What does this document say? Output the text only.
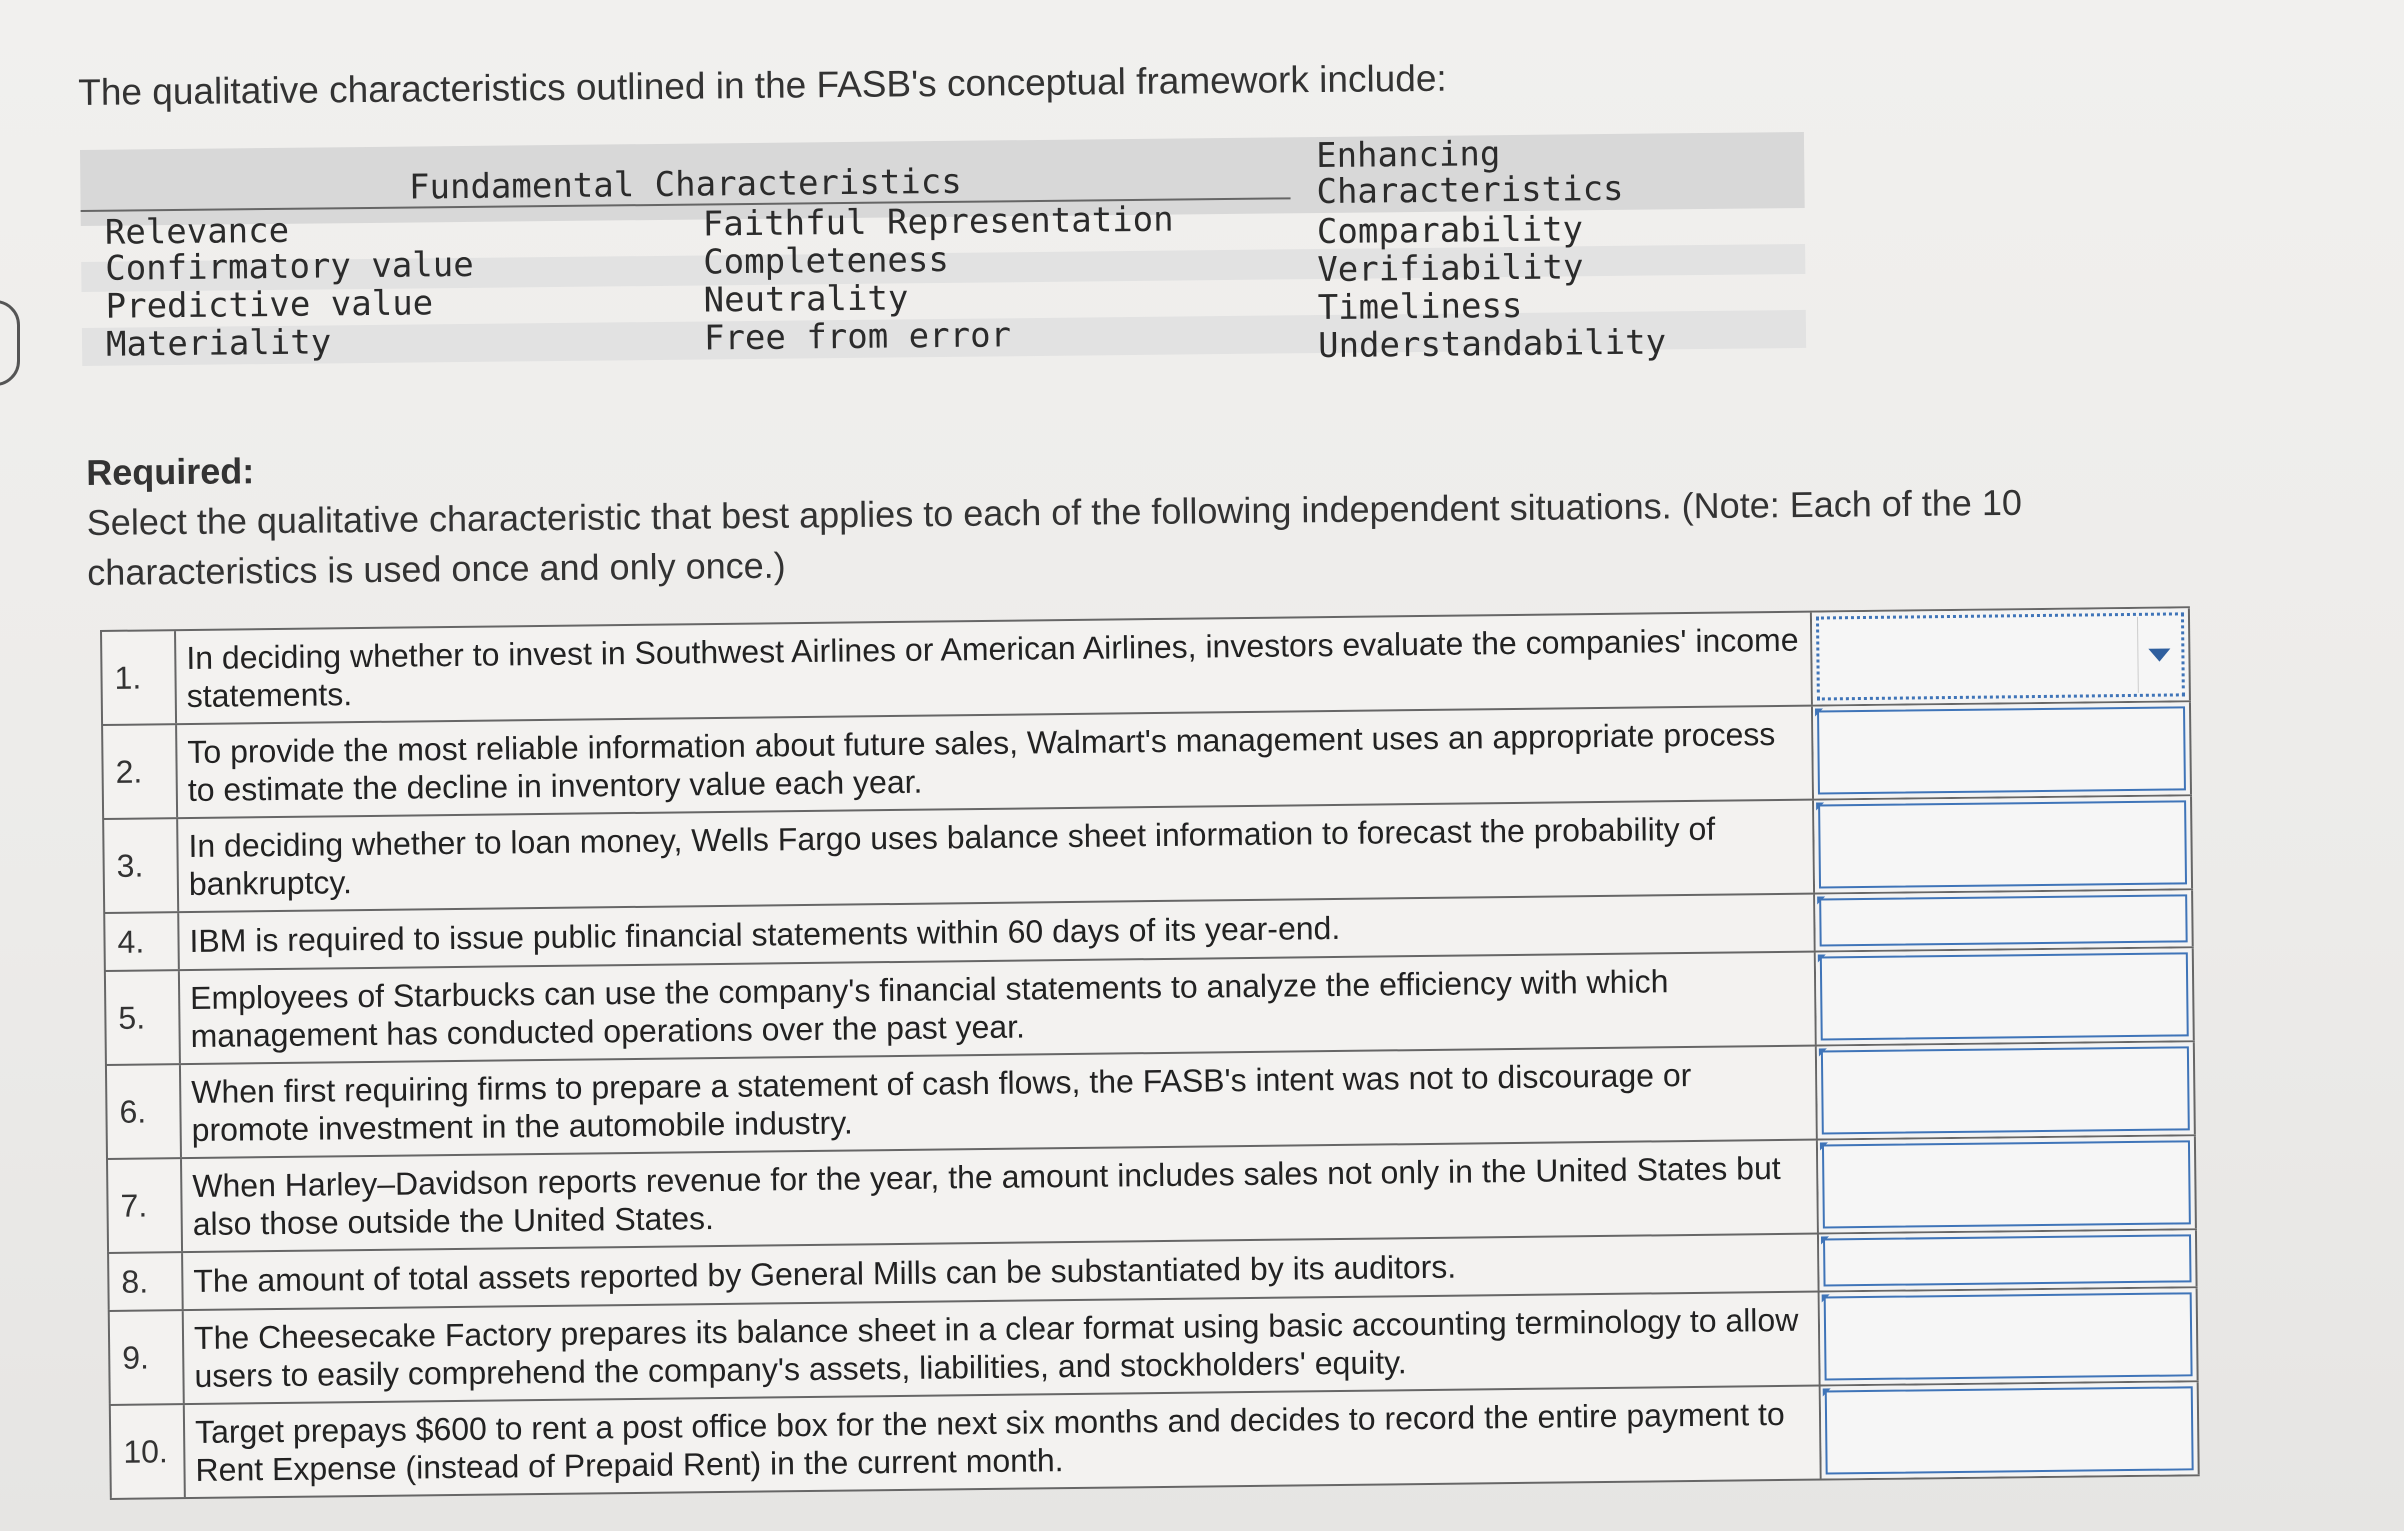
The qualitative characteristics outlined in the FASB's conceptual framework include:
Fundamental Characteristics
Relevance
Confirmatory value
Predictive value
Materiality
Faithful Representation
Completeness
Neutrality
Free from error
Enhancing
Characteristics
Comparability
Verifiability
Timeliness
Understandability
Required:
Select the qualitative characteristic that best applies to each of the following independent situations. (Note: Each of the 10 characteristics is used once and only once.)
1.
In deciding whether to invest in Southwest Airlines or American Airlines, investors evaluate the companies' income statements.
2.
To provide the most reliable information about future sales, Walmart's management uses an appropriate process to estimate the decline in inventory value each year.
3.
In deciding whether to loan money, Wells Fargo uses balance sheet information to forecast the probability of bankruptcy.
4.	IBM is required to issue public financial statements within 60 days of its year-end.
5.
Employees of Starbucks can use the company's financial statements to analyze the efficiency with which management has conducted operations over the past year.
6.
When first requiring firms to prepare a statement of cash flows, the FASB's intent was not to discourage or promote investment in the automobile industry.
7.
When Harley–Davidson reports revenue for the year, the amount includes sales not only in the United States but also those outside the United States.
8.	The amount of total assets reported by General Mills can be substantiated by its auditors.
9.
The Cheesecake Factory prepares its balance sheet in a clear format using basic accounting terminology to allow users to easily comprehend the company's assets, liabilities, and stockholders' equity.
10.
Target prepays $600 to rent a post office box for the next six months and decides to record the entire payment to Rent Expense (instead of Prepaid Rent) in the current month.
